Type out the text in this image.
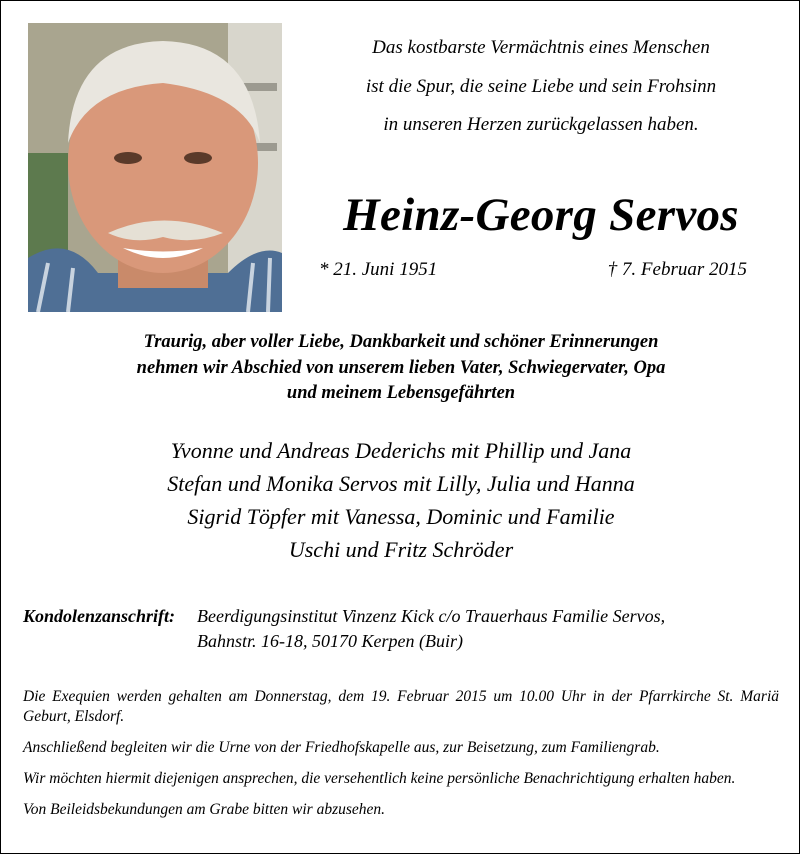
Das kostbarste Vermächtnis eines Menschen
ist die Spur, die seine Liebe und sein Frohsinn
in unseren Herzen zurückgelassen haben.
Heinz-Georg Servos
* 21. Juni 1951	† 7. Februar 2015
Traurig, aber voller Liebe, Dankbarkeit und schöner Erinnerungen
nehmen wir Abschied von unserem lieben Vater, Schwiegervater, Opa
und meinem Lebensgefährten
Yvonne und Andreas Dederichs mit Phillip und Jana
Stefan und Monika Servos mit Lilly, Julia und Hanna
Sigrid Töpfer mit Vanessa, Dominic und Familie
Uschi und Fritz Schröder
Kondolenzanschrift: Beerdigungsinstitut Vinzenz Kick c/o Trauerhaus Familie Servos,
Bahnstr. 16-18, 50170 Kerpen (Buir)

Die Exequien werden gehalten am Donnerstag, dem 19. Februar 2015 um 10.00 Uhr in der Pfarrkirche St. Mariä Geburt, Elsdorf.

Anschließend begleiten wir die Urne von der Friedhofskapelle aus, zur Beisetzung, zum Familiengrab.

Wir möchten hiermit diejenigen ansprechen, die versehentlich keine persönliche Benachrichtigung erhalten haben.

Von Beileidsbekundungen am Grabe bitten wir abzusehen.
